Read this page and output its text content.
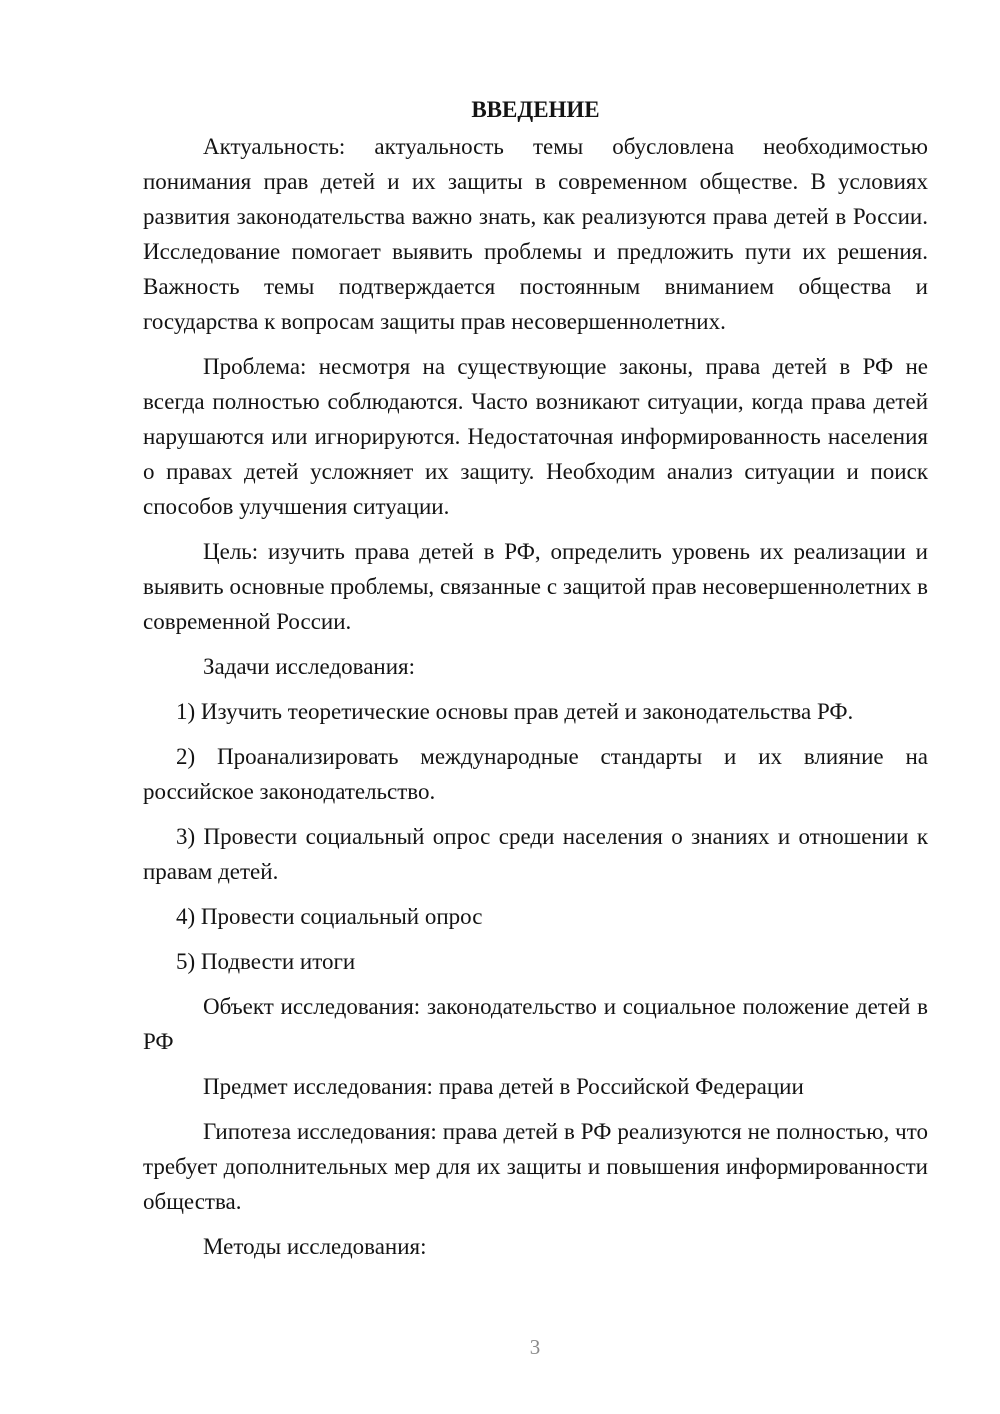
ВВЕДЕНИЕ

Актуальность: актуальность темы обусловлена необходимостью понимания прав детей и их защиты в современном обществе. В условиях развития законодательства важно знать, как реализуются права детей в России. Исследование помогает выявить проблемы и предложить пути их решения. Важность темы подтверждается постоянным вниманием общества и государства к вопросам защиты прав несовершеннолетних.

Проблема: несмотря на существующие законы, права детей в РФ не всегда полностью соблюдаются. Часто возникают ситуации, когда права детей нарушаются или игнорируются. Недостаточная информированность населения о правах детей усложняет их защиту. Необходим анализ ситуации и поиск способов улучшения ситуации.

Цель: изучить права детей в РФ, определить уровень их реализации и выявить основные проблемы, связанные с защитой прав несовершеннолетних в современной России.

Задачи исследования:

1) Изучить теоретические основы прав детей и законодательства РФ.

2) Проанализировать международные стандарты и их влияние на российское законодательство.

3) Провести социальный опрос среди населения о знаниях и отношении к правам детей.

4) Провести социальный опрос

5) Подвести итоги

Объект исследования: законодательство и социальное положение детей в РФ

Предмет исследования: права детей в Российской Федерации

Гипотеза исследования: права детей в РФ реализуются не полностью, что требует дополнительных мер для их защиты и повышения информированности общества.

Методы исследования:

3
